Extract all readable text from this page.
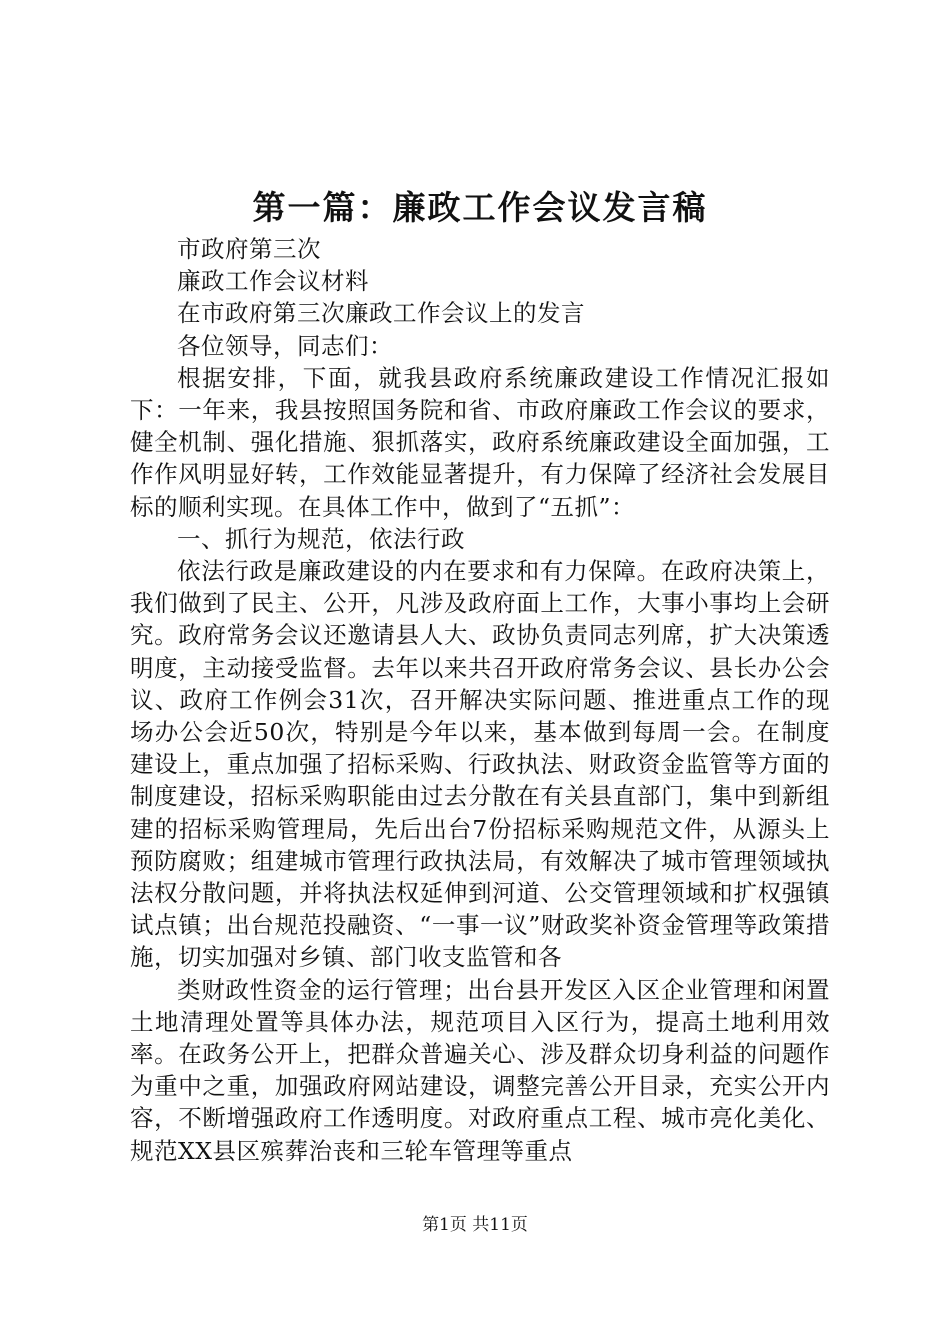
第一篇：廉政工作会议发言稿

市政府第三次

廉政工作会议材料

在市政府第三次廉政工作会议上的发言

各位领导，同志们：

根据安排，下面，就我县政府系统廉政建设工作情况汇报如下：一年来，我县按照国务院和省、市政府廉政工作会议的要求，健全机制、强化措施、狠抓落实，政府系统廉政建设全面加强，工作作风明显好转，工作效能显著提升，有力保障了经济社会发展目标的顺利实现。在具体工作中，做到了“五抓”：

一、抓行为规范，依法行政

依法行政是廉政建设的内在要求和有力保障。在政府决策上，我们做到了民主、公开，凡涉及政府面上工作，大事小事均上会研究。政府常务会议还邀请县人大、政协负责同志列席，扩大决策透明度，主动接受监督。去年以来共召开政府常务会议、县长办公会议、政府工作例会31次，召开解决实际问题、推进重点工作的现场办公会近50次，特别是今年以来，基本做到每周一会。在制度建设上，重点加强了招标采购、行政执法、财政资金监管等方面的制度建设，招标采购职能由过去分散在有关县直部门，集中到新组建的招标采购管理局，先后出台7份招标采购规范文件，从源头上预防腐败；组建城市管理行政执法局，有效解决了城市管理领域执法权分散问题，并将执法权延伸到河道、公交管理领域和扩权强镇试点镇；出台规范投融资、“一事一议”财政奖补资金管理等政策措施，切实加强对乡镇、部门收支监管和各

类财政性资金的运行管理；出台县开发区入区企业管理和闲置土地清理处置等具体办法，规范项目入区行为，提高土地利用效率。在政务公开上，把群众普遍关心、涉及群众切身利益的问题作为重中之重，加强政府网站建设，调整完善公开目录，充实公开内容，不断增强政府工作透明度。对政府重点工程、城市亮化美化、规范XX县区殡葬治丧和三轮车管理等重点

第1页 共11页
